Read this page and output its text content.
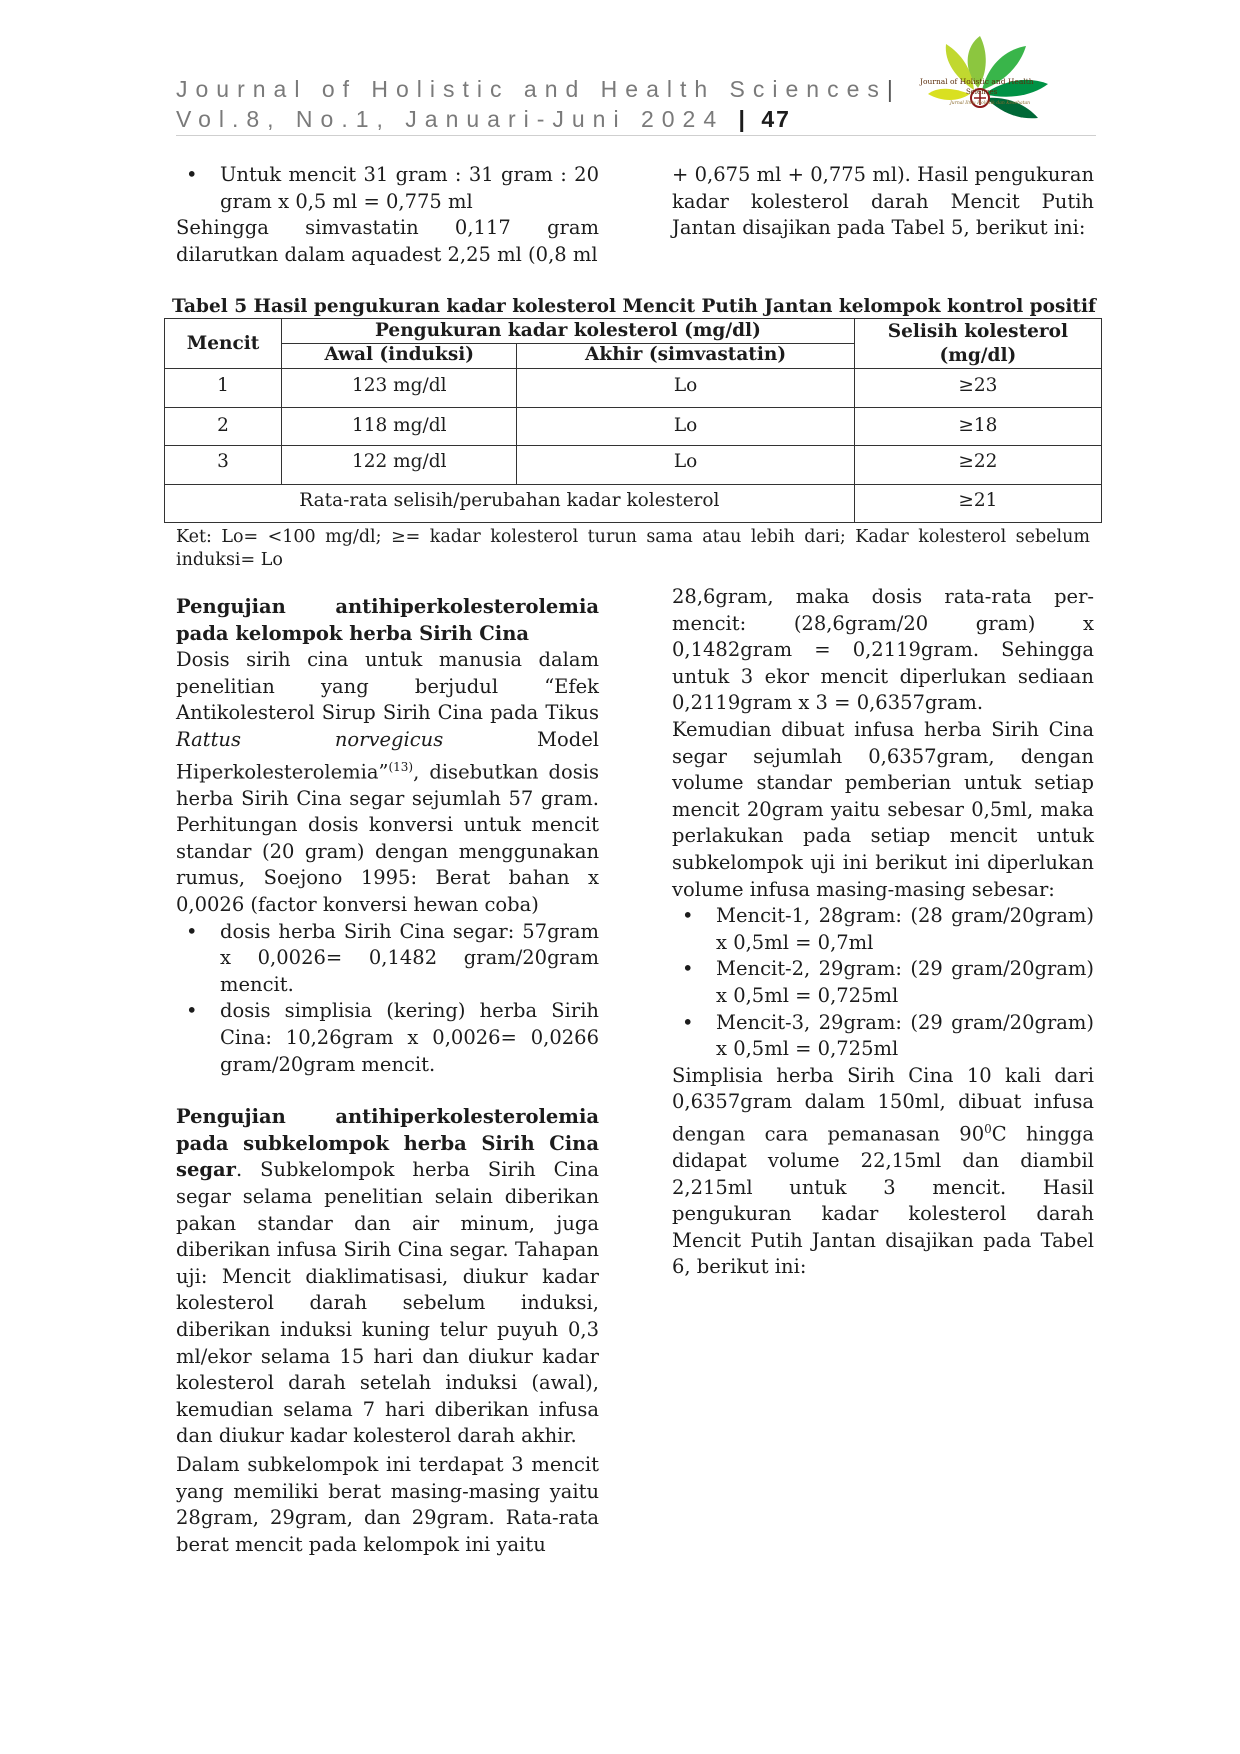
Journal of Holistic and Health Sciences|
Vol.8, No.1, Januari-Juni 2024 | 47
Journal of Holistic and Health
Sciences
Jurnal Ilmu Holistik dan Kesehatan
• Untuk mencit 31 gram : 31 gram : 20 gram x 0,5 ml = 0,775 ml

Sehingga simvastatin 0,117 gram dilarutkan dalam aquadest 2,25 ml (0,8 ml

+ 0,675 ml + 0,775 ml). Hasil pengukuran kadar kolesterol darah Mencit Putih Jantan disajikan pada Tabel 5, berikut ini:

Tabel 5 Hasil pengukuran kadar kolesterol Mencit Putih Jantan kelompok kontrol positif
Mencit	Pengukuran kadar kolesterol (mg/dl)		Selisih kolesterol (mg/dl)
	Awal (induksi)	Akhir (simvastatin)	
1	123 mg/dl	Lo	≥23
2	118 mg/dl	Lo	≥18
3	122 mg/dl	Lo	≥22
Rata-rata selisih/perubahan kadar kolesterol			≥21
Ket: Lo= <100 mg/dl; ≥= kadar kolesterol turun sama atau lebih dari; Kadar kolesterol sebelum induksi= Lo

Pengujian antihiperkolesterolemia pada kelompok herba Sirih Cina

Dosis sirih cina untuk manusia dalam penelitian yang berjudul “Efek Antikolesterol Sirup Sirih Cina pada Tikus Rattus norvegicus Model Hiperkolesterolemia”$^{(13)}$, disebutkan dosis herba Sirih Cina segar sejumlah 57 gram. Perhitungan dosis konversi untuk mencit standar (20 gram) dengan menggunakan rumus, Soejono 1995: Berat bahan x 0,0026 (factor konversi hewan coba)

• dosis herba Sirih Cina segar: 57gram x 0,0026= 0,1482 gram/20gram mencit.
• dosis simplisia (kering) herba Sirih Cina: 10,26gram x 0,0026= 0,0266 gram/20gram mencit.

Pengujian antihiperkolesterolemia pada subkelompok herba Sirih Cina segar. Subkelompok herba Sirih Cina segar selama penelitian selain diberikan pakan standar dan air minum, juga diberikan infusa Sirih Cina segar. Tahapan uji: Mencit diaklimatisasi, diukur kadar kolesterol darah sebelum induksi, diberikan induksi kuning telur puyuh 0,3 ml/ekor selama 15 hari dan diukur kadar kolesterol darah setelah induksi (awal), kemudian selama 7 hari diberikan infusa dan diukur kadar kolesterol darah akhir.

Dalam subkelompok ini terdapat 3 mencit yang memiliki berat masing-masing yaitu 28gram, 29gram, dan 29gram. Rata-rata berat mencit pada kelompok ini yaitu

28,6gram, maka dosis rata-rata per-mencit: (28,6gram/20 gram) x 0,1482gram = 0,2119gram. Sehingga untuk 3 ekor mencit diperlukan sediaan 0,2119gram x 3 = 0,6357gram.

Kemudian dibuat infusa herba Sirih Cina segar sejumlah 0,6357gram, dengan volume standar pemberian untuk setiap mencit 20gram yaitu sebesar 0,5ml, maka perlakukan pada setiap mencit untuk subkelompok uji ini berikut ini diperlukan volume infusa masing-masing sebesar:

• Mencit-1, 28gram: (28 gram/20gram) x 0,5ml = 0,7ml
• Mencit-2, 29gram: (29 gram/20gram) x 0,5ml = 0,725ml
• Mencit-3, 29gram: (29 gram/20gram) x 0,5ml = 0,725ml

Simplisia herba Sirih Cina 10 kali dari 0,6357gram dalam 150ml, dibuat infusa dengan cara pemanasan $90^0C$ hingga didapat volume 22,15ml dan diambil 2,215ml untuk 3 mencit. Hasil pengukuran kadar kolesterol darah Mencit Putih Jantan disajikan pada Tabel 6, berikut ini:
